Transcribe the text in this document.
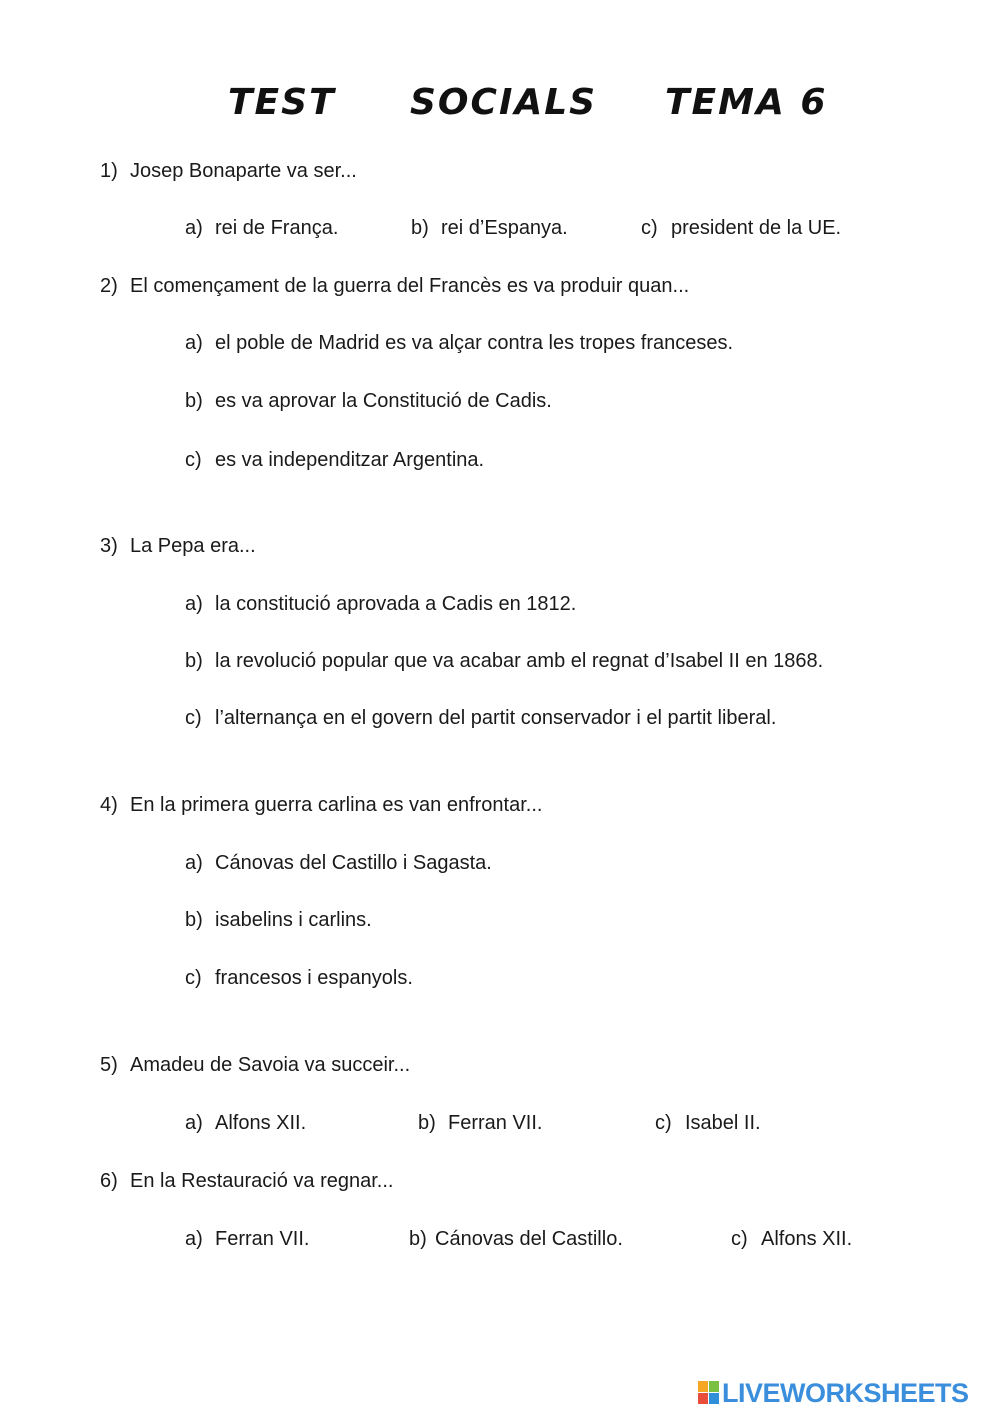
TEST SOCIALS TEMA 6
1) Josep Bonaparte va ser...
a) rei de França.	b) rei d’Espanya.	c) president de la UE.
2) El començament de la guerra del Francès es va produir quan...
a) el poble de Madrid es va alçar contra les tropes franceses.
b) es va aprovar la Constitució de Cadis.
c) es va independitzar Argentina.
3) La Pepa era...
a) la constitució aprovada a Cadis en 1812.
b) la revolució popular que va acabar amb el regnat d’Isabel II en 1868.
c) l’alternança en el govern del partit conservador i el partit liberal.
4) En la primera guerra carlina es van enfrontar...
a) Cánovas del Castillo i Sagasta.
b) isabelins i carlins.
c) francesos i espanyols.
5) Amadeu de Savoia va succeir...
a) Alfons XII.	b) Ferran VII.	c) Isabel II.
6) En la Restauració va regnar...
a) Ferran VII.	b) Cánovas del Castillo.	c) Alfons XII.
LIVEWORKSHEETS
